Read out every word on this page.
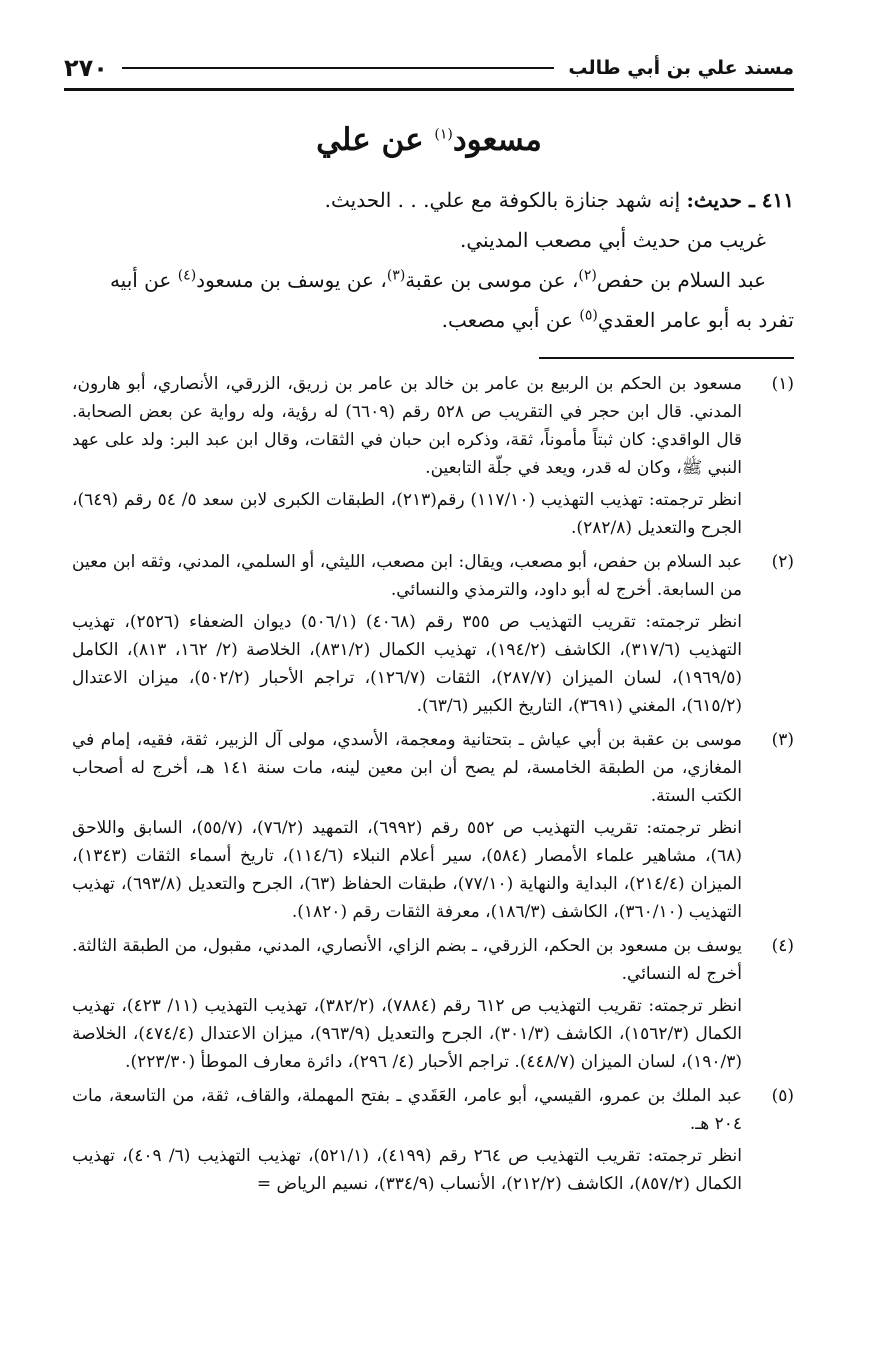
مسند علي بن أبي طالب
٢٧٠
مسعود$^{(١)}$ عن علي

٤١١ ـ حديث: إنه شهد جنازة بالكوفة مع علي. . . الحديث.

غريب من حديث أبي مصعب المديني.

عبد السلام بن حفص$^{(٢)}$، عن موسى بن عقبة$^{(٣)}$، عن يوسف بن مسعود$^{(٤)}$ عن أبيه تفرد به أبو عامر العقدي$^{(٥)}$ عن أبي مصعب.

(١)

مسعود بن الحكم بن الربيع بن عامر بن خالد بن عامر بن زريق، الزرقي، الأنصاري، أبو هارون، المدني. قال ابن حجر في التقريب ص ٥٢٨ رقم (٦٦٠٩) له رؤية، وله رواية عن بعض الصحابة. قال الواقدي: كان ثبتاً مأموناً، ثقة، وذكره ابن حبان في الثقات، وقال ابن عبد البر: ولد على عهد النبي ﷺ، وكان له قدر، ويعد في جلّة التابعين.

انظر ترجمته: تهذيب التهذيب (١١٧/١٠) رقم(٢١٣)، الطبقات الكبرى لابن سعد ٥/ ٥٤ رقم (٦٤٩)، الجرح والتعديل (٢٨٢/٨).

(٢)

عبد السلام بن حفص، أبو مصعب، ويقال: ابن مصعب، الليثي، أو السلمي، المدني، وثقه ابن معين من السابعة. أخرج له أبو داود، والترمذي والنسائي.

انظر ترجمته: تقريب التهذيب ص ٣٥٥ رقم (٤٠٦٨) (٥٠٦/١) ديوان الضعفاء (٢٥٢٦)، تهذيب التهذيب (٣١٧/٦)، الكاشف (١٩٤/٢)، تهذيب الكمال (٨٣١/٢)، الخلاصة (٢/ ١٦٢، ٨١٣)، الكامل (١٩٦٩/٥)، لسان الميزان (٢٨٧/٧)، الثقات (١٢٦/٧)، تراجم الأحبار (٥٠٢/٢)، ميزان الاعتدال (٦١٥/٢)، المغني (٣٦٩١)، التاريخ الكبير (٦٣/٦).

(٣)

موسى بن عقبة بن أبي عياش ـ بتحتانية ومعجمة، الأسدي، مولى آل الزبير، ثقة، فقيه، إمام في المغازي، من الطبقة الخامسة، لم يصح أن ابن معين لينه، مات سنة ١٤١ هـ، أخرج له أصحاب الكتب الستة.

انظر ترجمته: تقريب التهذيب ص ٥٥٢ رقم (٦٩٩٢)، التمهيد (٧٦/٢)، (٥٥/٧)، السابق واللاحق (٦٨)، مشاهير علماء الأمصار (٥٨٤)، سير أعلام النبلاء (١١٤/٦)، تاريخ أسماء الثقات (١٣٤٣)، الميزان (٢١٤/٤)، البداية والنهاية (٧٧/١٠)، طبقات الحفاظ (٦٣)، الجرح والتعديل (٦٩٣/٨)، تهذيب التهذيب (٣٦٠/١٠)، الكاشف (١٨٦/٣)، معرفة الثقات رقم (١٨٢٠).

(٤)

يوسف بن مسعود بن الحكم، الزرقي، ـ بضم الزاي، الأنصاري، المدني، مقبول، من الطبقة الثالثة. أخرج له النسائي.

انظر ترجمته: تقريب التهذيب ص ٦١٢ رقم (٧٨٨٤)، (٣٨٢/٢)، تهذيب التهذيب (١١/ ٤٢٣)، تهذيب الكمال (١٥٦٢/٣)، الكاشف (٣٠١/٣)، الجرح والتعديل (٩٦٣/٩)، ميزان الاعتدال (٤٧٤/٤)، الخلاصة (١٩٠/٣)، لسان الميزان (٤٤٨/٧). تراجم الأحبار (٤/ ٢٩٦)، دائرة معارف الموطأ (٢٢٣/٣٠).

(٥)

عبد الملك بن عمرو، القيسي، أبو عامر، العَقَدي ـ بفتح المهملة، والقاف، ثقة، من التاسعة، مات ٢٠٤ هـ.

انظر ترجمته: تقريب التهذيب ص ٢٦٤ رقم (٤١٩٩)، (٥٢١/١)، تهذيب التهذيب (٦/ ٤٠٩)، تهذيب الكمال (٨٥٧/٢)، الكاشف (٢١٢/٢)، الأنساب (٣٣٤/٩)، نسيم الرياض =
